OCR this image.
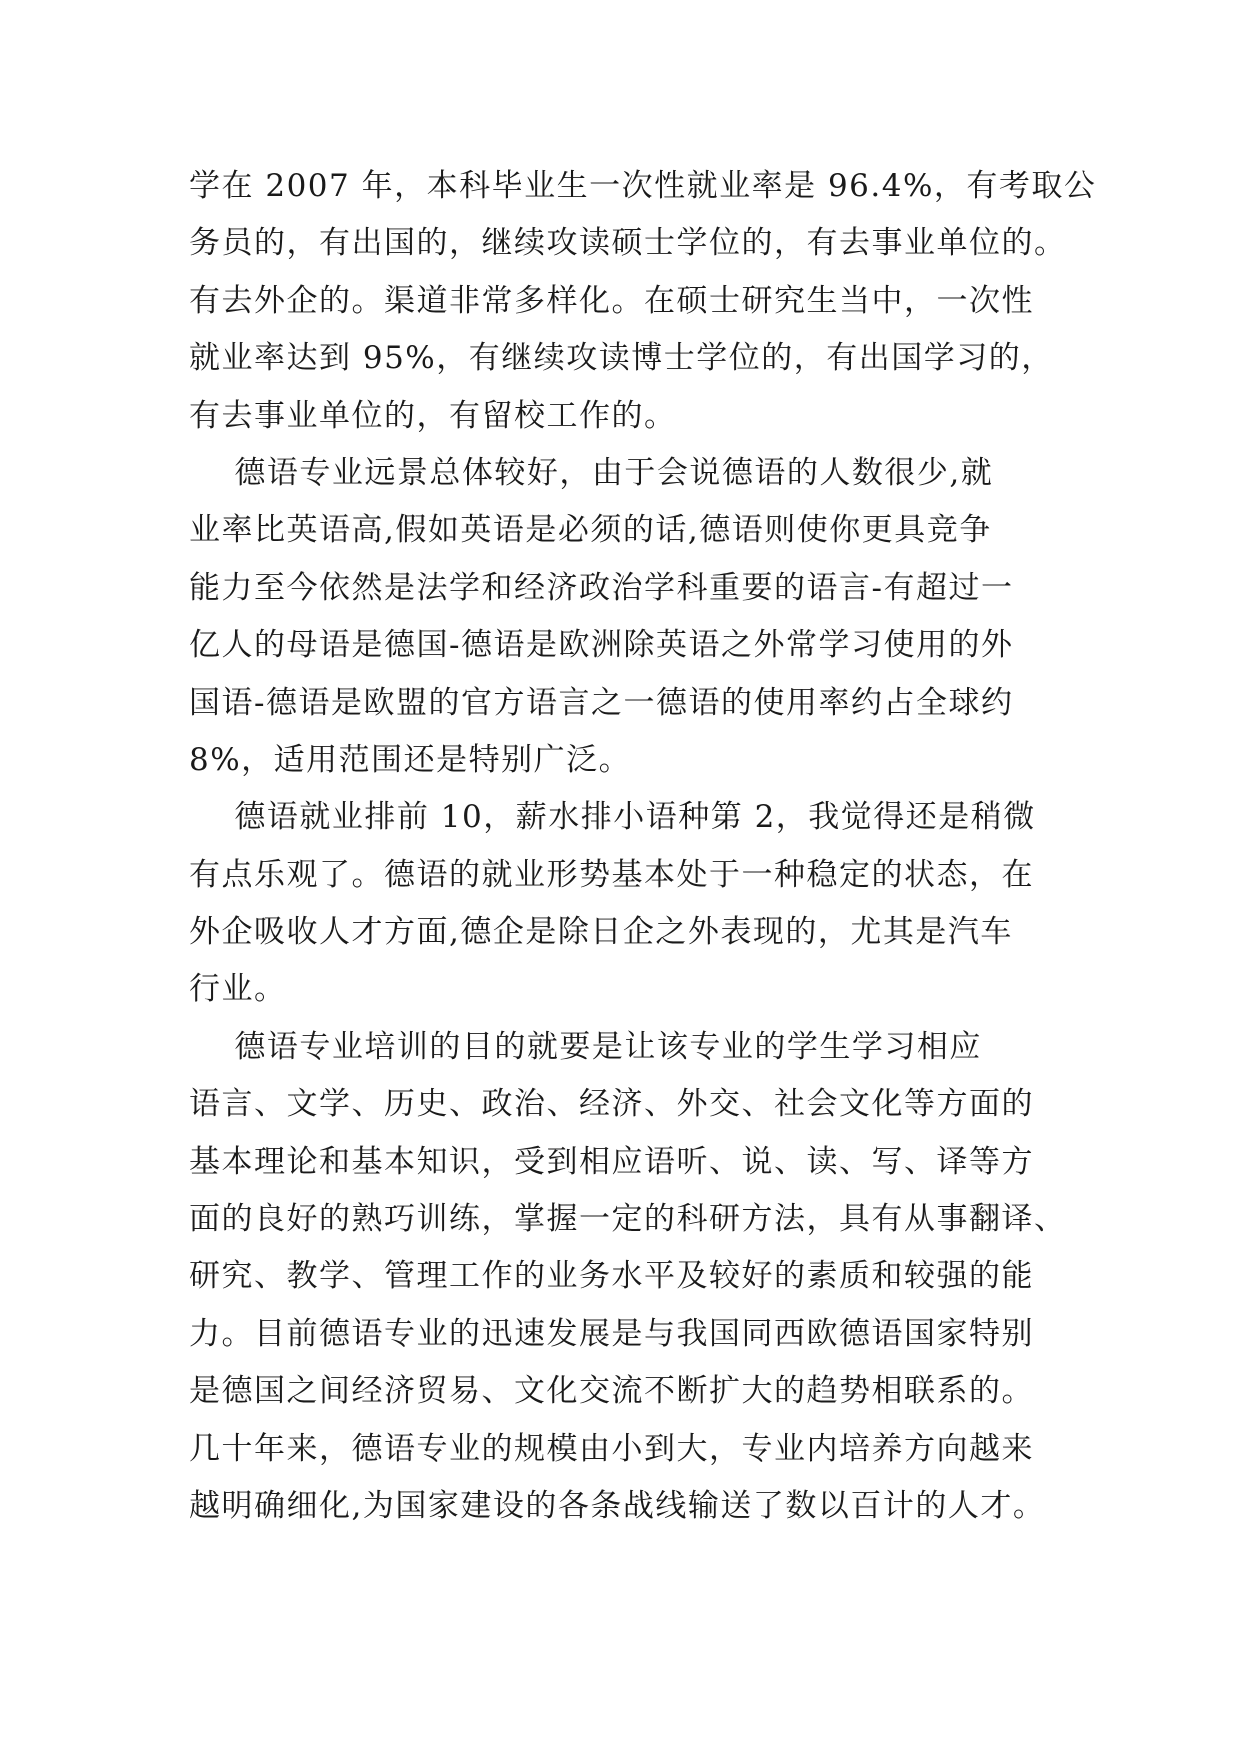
学在 2007 年，本科毕业生一次性就业率是 96.4%，有考取公
务员的，有出国的，继续攻读硕士学位的，有去事业单位的。
有去外企的。渠道非常多样化。在硕士研究生当中，一次性
就业率达到 95%，有继续攻读博士学位的，有出国学习的，
有去事业单位的，有留校工作的。
德语专业远景总体较好，由于会说德语的人数很少,就
业率比英语高,假如英语是必须的话,德语则使你更具竞争
能力至今依然是法学和经济政治学科重要的语言-有超过一
亿人的母语是德国-德语是欧洲除英语之外常学习使用的外
国语-德语是欧盟的官方语言之一德语的使用率约占全球约
8%，适用范围还是特别广泛。
德语就业排前 10，薪水排小语种第 2，我觉得还是稍微
有点乐观了。德语的就业形势基本处于一种稳定的状态，在
外企吸收人才方面,德企是除日企之外表现的，尤其是汽车
行业。
德语专业培训的目的就要是让该专业的学生学习相应
语言、文学、历史、政治、经济、外交、社会文化等方面的
基本理论和基本知识，受到相应语听、说、读、写、译等方
面的良好的熟巧训练，掌握一定的科研方法，具有从事翻译、
研究、教学、管理工作的业务水平及较好的素质和较强的能
力。目前德语专业的迅速发展是与我国同西欧德语国家特别
是德国之间经济贸易、文化交流不断扩大的趋势相联系的。
几十年来，德语专业的规模由小到大，专业内培养方向越来
越明确细化,为国家建设的各条战线输送了数以百计的人才。
